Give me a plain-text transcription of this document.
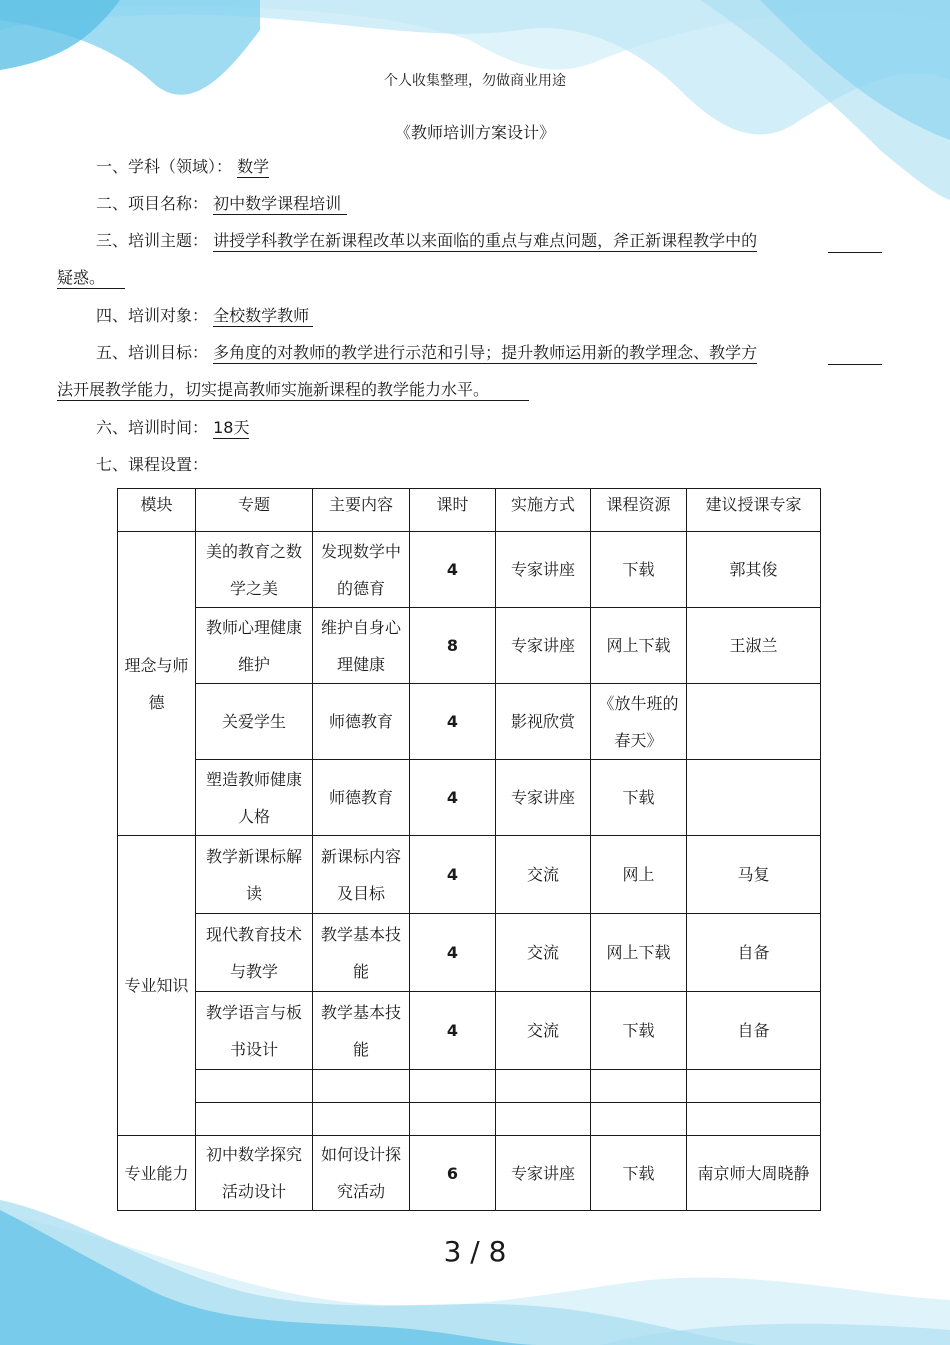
个人收集整理，勿做商业用途
《教师培训方案设计》
一、学科（领域）： 数学
二、项目名称： 初中数学课程培训
三、培训主题： 讲授学科教学在新课程改革以来面临的重点与难点问题，斧正新课程教学中的
疑惑。
四、培训对象： 全校数学教师
五、培训目标： 多角度的对教师的教学进行示范和引导；提升教师运用新的教学理念、教学方
法开展教学能力，切实提高教师实施新课程的教学能力水平。
六、培训时间： 18天
七、课程设置：
模块	专题	主要内容	课时	实施方式	课程资源	建议授课专家
理念与师德	美的教育之数学之美	发现数学中的德育	4	专家讲座	下载	郭其俊
	教师心理健康维护	维护自身心理健康	8	专家讲座	网上下载	王淑兰
	关爱学生	师德教育	4	影视欣赏	《放牛班的春天》	
	塑造教师健康人格	师德教育	4	专家讲座	下载	
专业知识	教学新课标解读	新课标内容及目标	4	交流	网上	马复
	现代教育技术与教学	教学基本技能	4	交流	网上下载	自备
	教学语言与板书设计	教学基本技能	4	交流	下载	自备

专业能力	初中数学探究活动设计	如何设计探究活动	6	专家讲座	下载	南京师大周晓静
3 / 8
